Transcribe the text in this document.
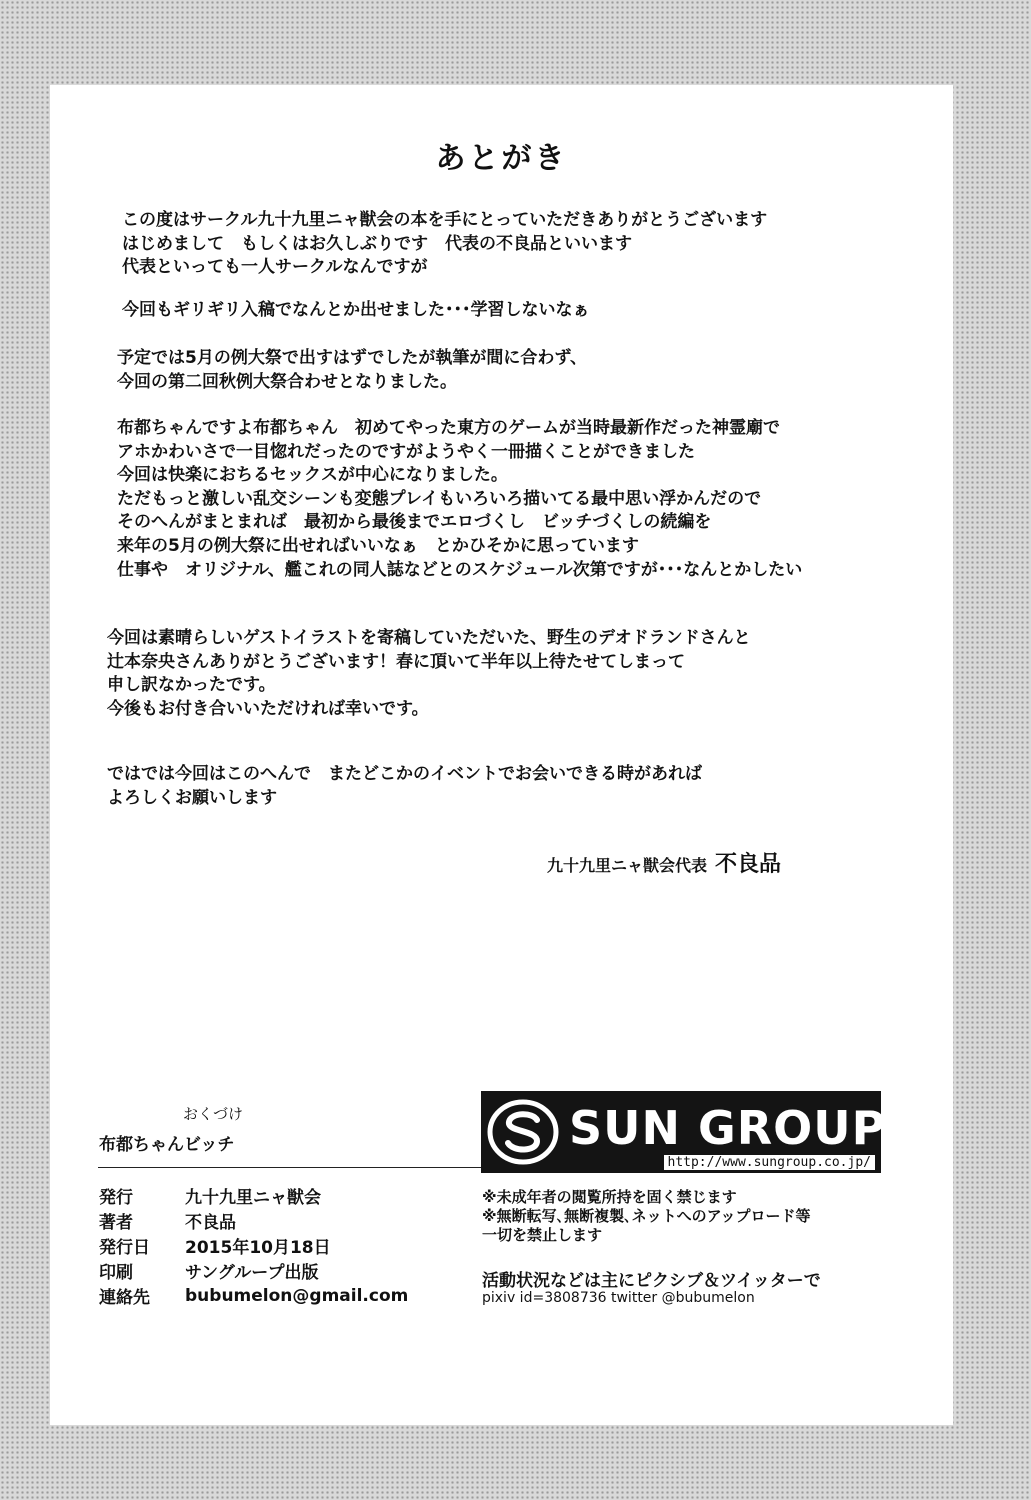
あとがき
この度はサークル九十九里ニャ獣会の本を手にとっていただきありがとうございます
はじめまして　もしくはお久しぶりです　代表の不良品といいます
代表といっても一人サークルなんですが
今回もギリギリ入稿でなんとか出せました･･･学習しないなぁ
予定では5月の例大祭で出すはずでしたが執筆が間に合わず、
今回の第二回秋例大祭合わせとなりました。
布都ちゃんですよ布都ちゃん　初めてやった東方のゲームが当時最新作だった神霊廟で
アホかわいさで一目惚れだったのですがようやく一冊描くことができました
今回は快楽におちるセックスが中心になりました。
ただもっと激しい乱交シーンも変態プレイもいろいろ描いてる最中思い浮かんだので
そのへんがまとまれば　最初から最後までエロづくし　ビッチづくしの続編を
来年の5月の例大祭に出せればいいなぁ　とかひそかに思っています
仕事や　オリジナル、艦これの同人誌などとのスケジュール次第ですが･･･なんとかしたい
今回は素晴らしいゲストイラストを寄稿していただいた、野生のデオドランドさんと
辻本奈央さんありがとうございます！春に頂いて半年以上待たせてしまって
申し訳なかったです。
今後もお付き合いいただければ幸いです。
ではでは今回はこのへんで　またどこかのイベントでお会いできる時があれば
よろしくお願いします
九十九里ニャ獣会代表 不良品
おくづけ
布都ちゃんビッチ
発行	九十九里ニャ獣会
著者	不良品
発行日	2015年10月18日
印刷	サングループ出版
連絡先	bubumelon@gmail.com
SUN GROUP
http://www.sungroup.co.jp/
※未成年者の閲覧所持を固く禁じます
※無断転写､無断複製､ネットへのアップロード等
一切を禁止します
活動状況などは主にピクシブ＆ツイッターで
pixiv id=3808736 twitter @bubumelon
